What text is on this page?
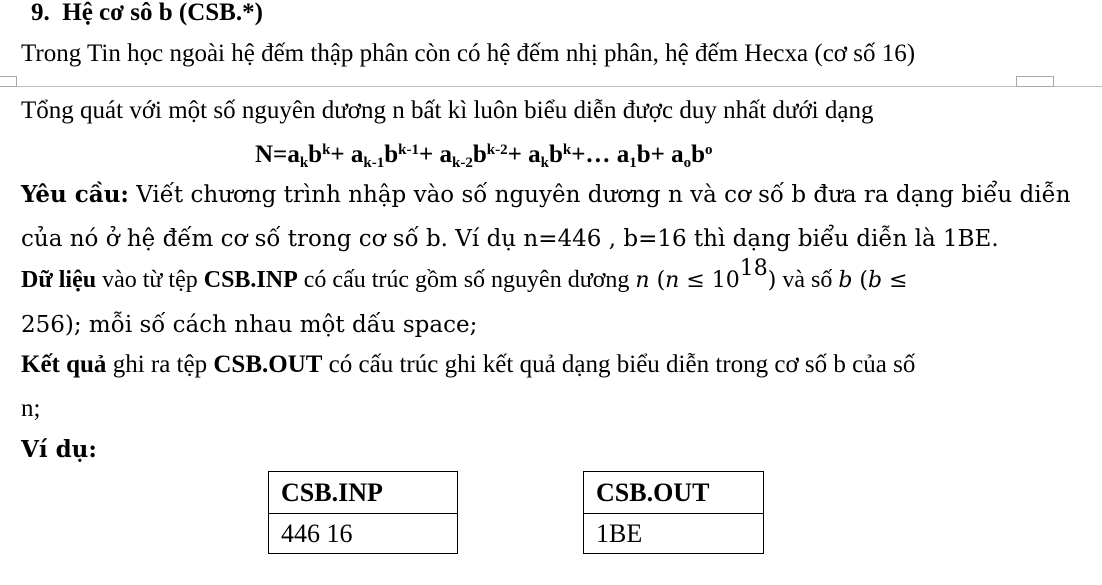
9. Hệ cơ sô b (CSB.*)
Trong Tin học ngoài hệ đếm thập phân còn có hệ đếm nhị phân, hệ đếm Hecxa (cơ số 16)
Tổng quát với một số nguyên dương n bất kì luôn biểu diễn được duy nhất dưới dạng
$N=a_kb^k+ a_{k-1}b^{k-1}+ a_{k-2}b^{k-2}+$ $a_kb^k+\dots$ $a_1b+ a_ob^o$
Yêu cầu: Viết chương trình nhập vào số nguyên dương n và cơ số b đưa ra dạng biểu diễn
của nó ở hệ đếm cơ số trong cơ số b. Ví dụ n=446 , b=16 thì dạng biểu diễn là 1BE.
Dữ liệu vào từ tệp CSB.INP có cấu trúc gồm số nguyên dương n $(n \le 10^{18})$ và số b (b ≤
256); mỗi số cách nhau một dấu space;
Kết quả ghi ra tệp CSB.OUT có cấu trúc ghi kết quả dạng biểu diễn trong cơ số b của số
n;
Ví dụ:
CSB.INP
446 16
CSB.OUT
1BE
